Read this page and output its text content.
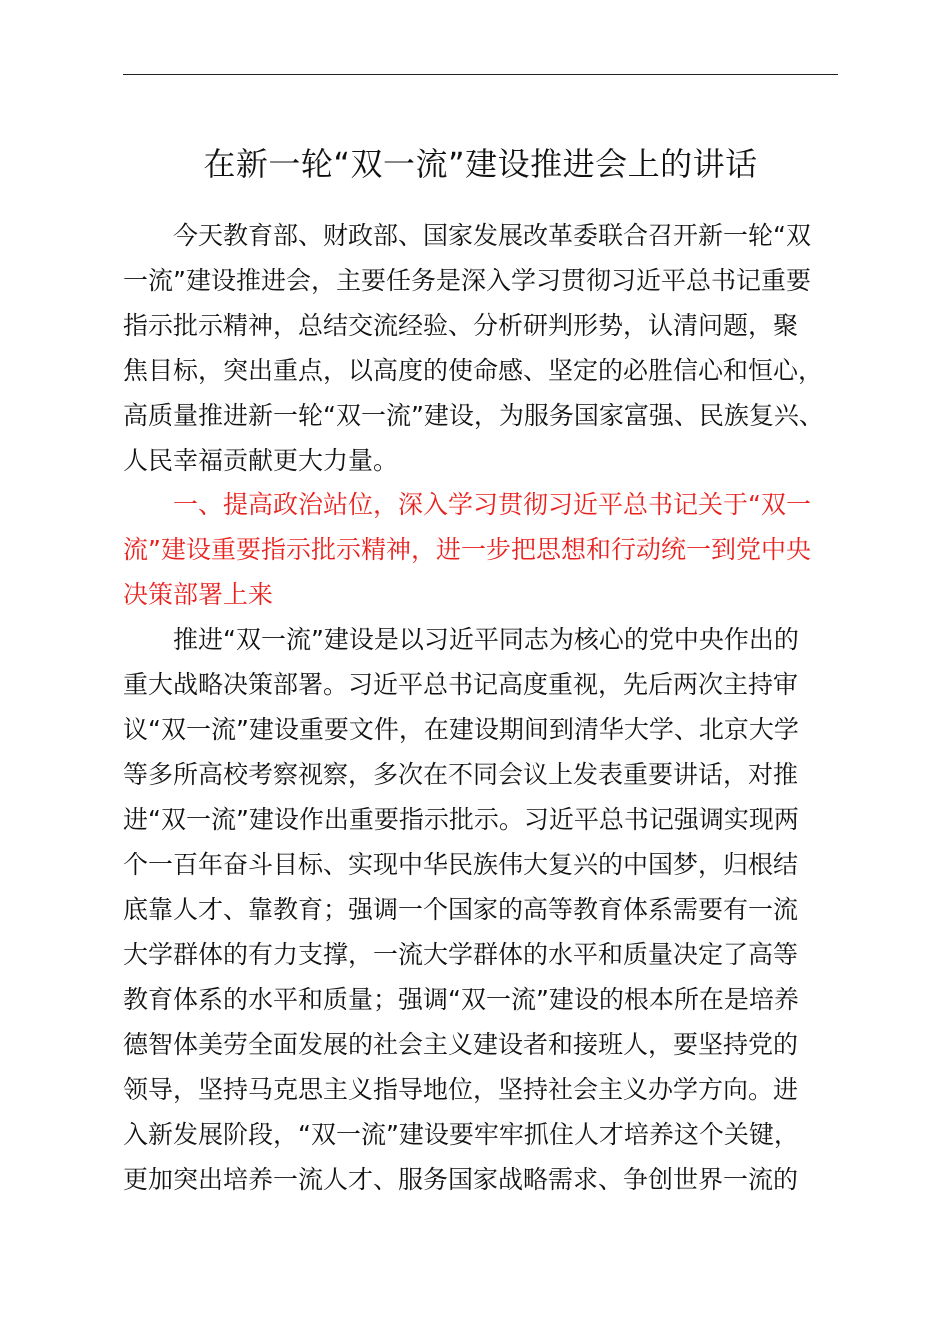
在新一轮“双一流”建设推进会上的讲话
今天教育部、财政部、国家发展改革委联合召开新一轮“双
一流”建设推进会，主要任务是深入学习贯彻习近平总书记重要
指示批示精神，总结交流经验、分析研判形势，认清问题，聚
焦目标，突出重点，以高度的使命感、坚定的必胜信心和恒心，
高质量推进新一轮“双一流”建设，为服务国家富强、民族复兴、
人民幸福贡献更大力量。
一、提高政治站位，深入学习贯彻习近平总书记关于“双一
流”建设重要指示批示精神，进一步把思想和行动统一到党中央
决策部署上来
推进“双一流”建设是以习近平同志为核心的党中央作出的
重大战略决策部署。习近平总书记高度重视，先后两次主持审
议“双一流”建设重要文件，在建设期间到清华大学、北京大学
等多所高校考察视察，多次在不同会议上发表重要讲话，对推
进“双一流”建设作出重要指示批示。习近平总书记强调实现两
个一百年奋斗目标、实现中华民族伟大复兴的中国梦，归根结
底靠人才、靠教育；强调一个国家的高等教育体系需要有一流
大学群体的有力支撑，一流大学群体的水平和质量决定了高等
教育体系的水平和质量；强调“双一流”建设的根本所在是培养
德智体美劳全面发展的社会主义建设者和接班人，要坚持党的
领导，坚持马克思主义指导地位，坚持社会主义办学方向。进
入新发展阶段，“双一流”建设要牢牢抓住人才培养这个关键，
更加突出培养一流人才、服务国家战略需求、争创世界一流的
